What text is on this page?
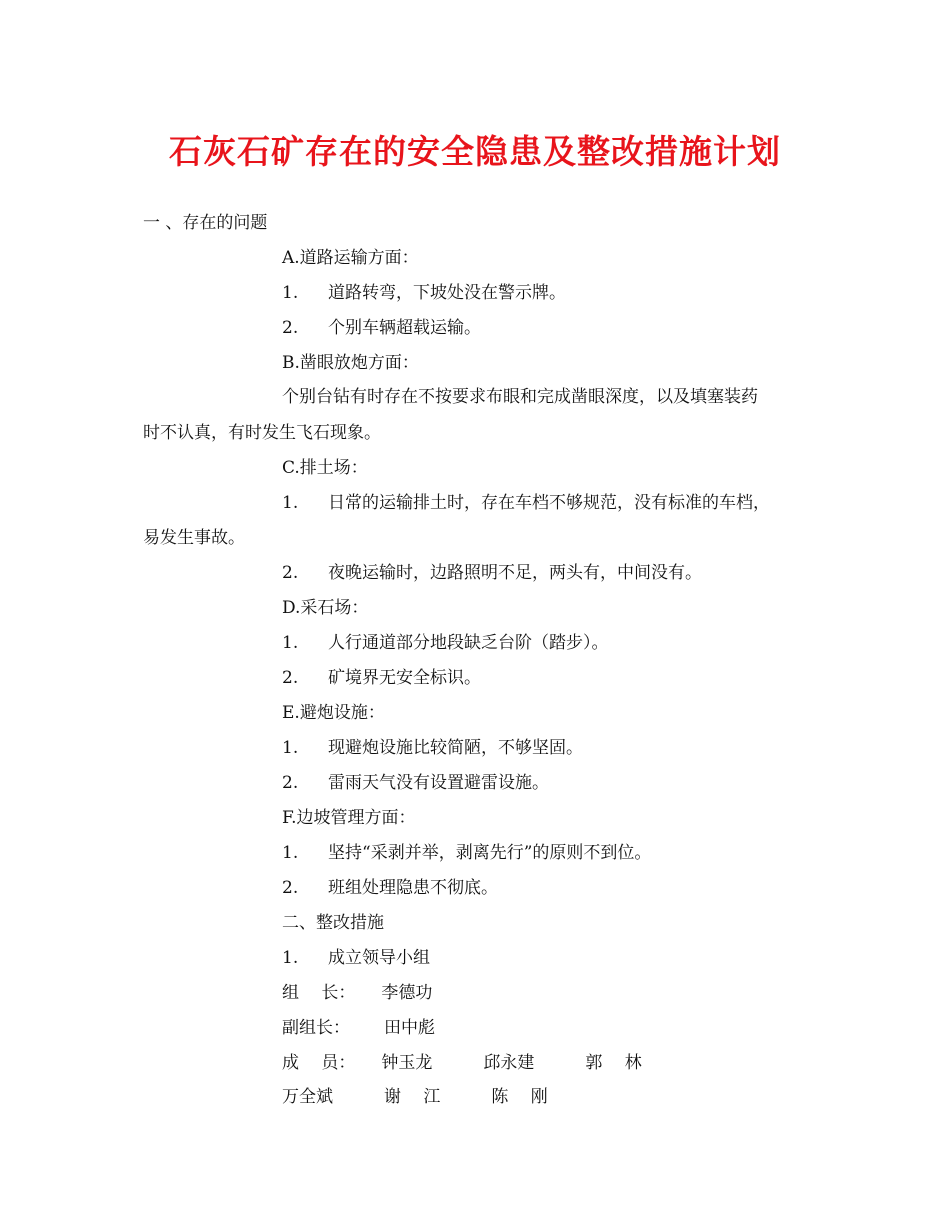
石灰石矿存在的安全隐患及整改措施计划
一 、存在的问题
A.道路运输方面：
1. 道路转弯，下坡处没在警示牌。
2. 个别车辆超载运输。
B.凿眼放炮方面：
个别台钻有时存在不按要求布眼和完成凿眼深度，以及填塞装药
时不认真，有时发生飞石现象。
C.排土场：
1. 日常的运输排土时，存在车档不够规范，没有标准的车档，
易发生事故。
2. 夜晚运输时，边路照明不足，两头有，中间没有。
D.采石场：
1. 人行通道部分地段缺乏台阶（踏步）。
2. 矿境界无安全标识。
E.避炮设施：
1. 现避炮设施比较简陋，不够坚固。
2. 雷雨天气没有设置避雷设施。
F.边坡管理方面：
1. 坚持“采剥并举，剥离先行”的原则不到位。
2. 班组处理隐患不彻底。
二、整改措施
1. 成立领导小组
组　 长： 李德功
副组长： 田中彪
成　 员： 钟玉龙	邱永建	郭　 林
万全斌	谢　 江	陈　 刚
